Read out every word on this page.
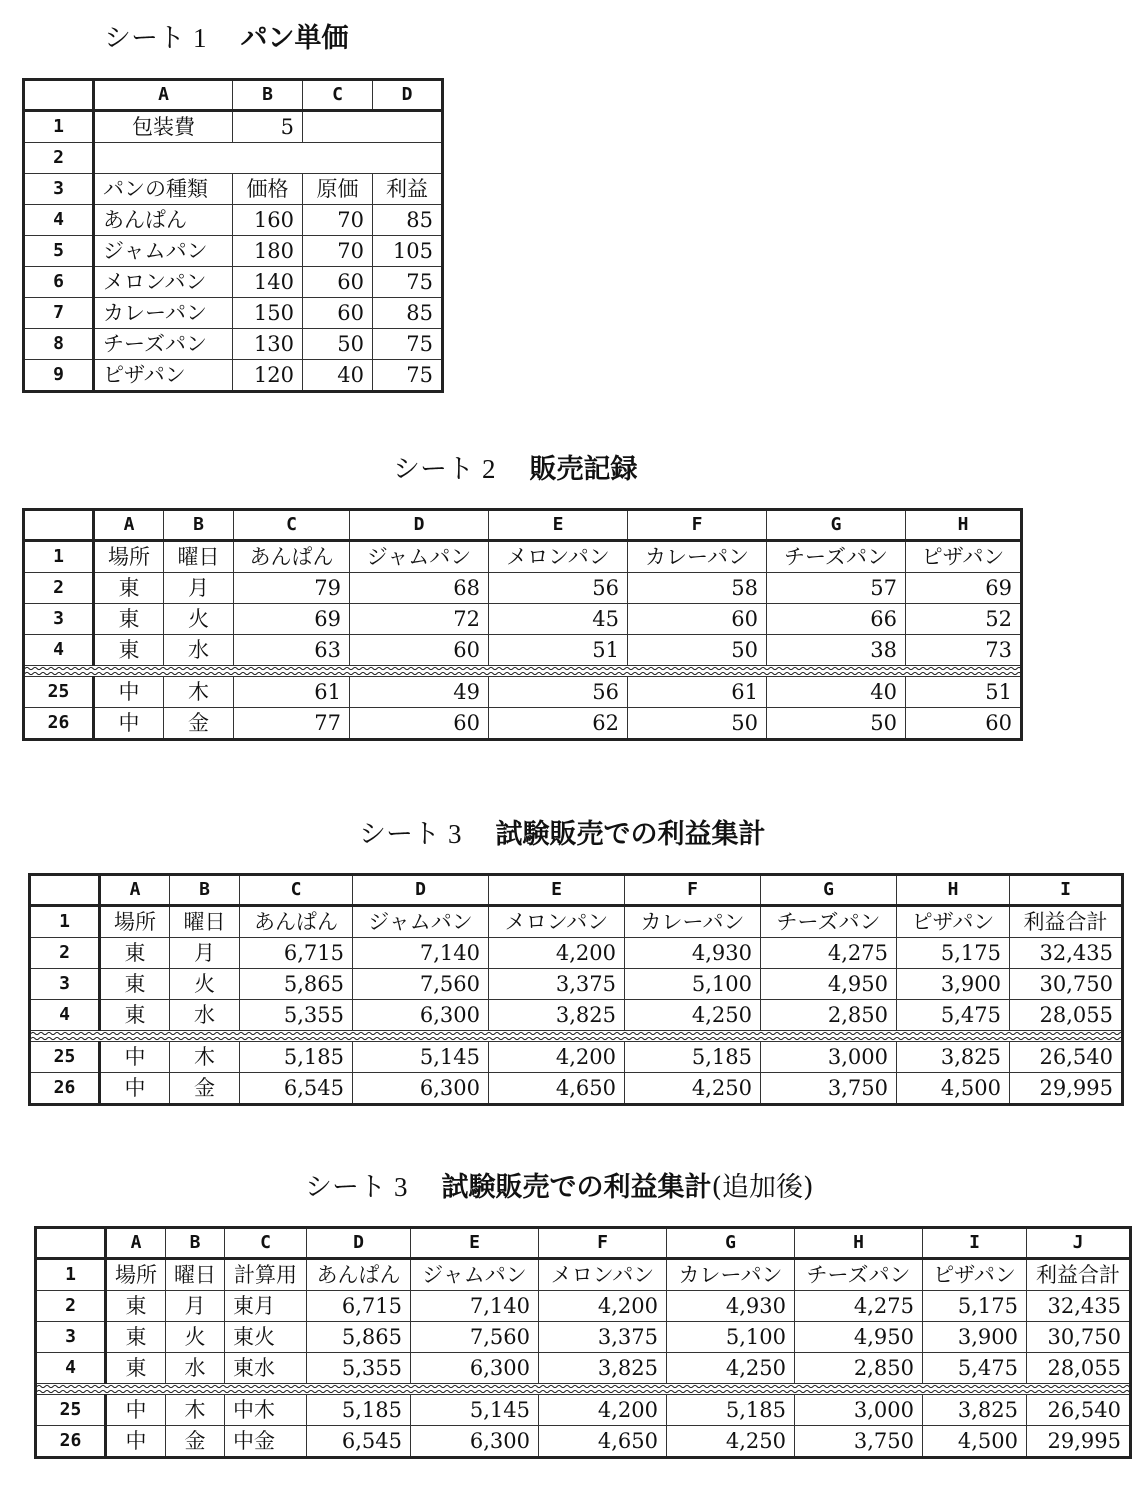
シート 1 パン単価
	A	B	C	D
1	包装費	5		
2				
3	パンの種類	価格	原価	利益
4	あんぱん	160	70	85
5	ジャムパン	180	70	105
6	メロンパン	140	60	75
7	カレーパン	150	60	85
8	チーズパン	130	50	75
9	ピザパン	120	40	75
シート 2 販売記録
	A	B	C	D	E	F	G	H
1	場所	曜日	あんぱん	ジャムパン	メロンパン	カレーパン	チーズパン	ピザパン
2	東	月	79	68	56	58	57	69
3	東	火	69	72	45	60	66	52
4	東	水	63	60	51	50	38	73

25	中	木	61	49	56	61	40	51
26	中	金	77	60	62	50	50	60
シート 3 試験販売での利益集計
	A	B	C	D	E	F	G	H	I
1	場所	曜日	あんぱん	ジャムパン	メロンパン	カレーパン	チーズパン	ピザパン	利益合計
2	東	月	6,715	7,140	4,200	4,930	4,275	5,175	32,435
3	東	火	5,865	7,560	3,375	5,100	4,950	3,900	30,750
4	東	水	5,355	6,300	3,825	4,250	2,850	5,475	28,055

25	中	木	5,185	5,145	4,200	5,185	3,000	3,825	26,540
26	中	金	6,545	6,300	4,650	4,250	3,750	4,500	29,995
シート 3 試験販売での利益集計(追加後)
	A	B	C	D	E	F	G	H	I	J
1	場所	曜日	計算用	あんぱん	ジャムパン	メロンパン	カレーパン	チーズパン	ピザパン	利益合計
2	東	月	東月	6,715	7,140	4,200	4,930	4,275	5,175	32,435
3	東	火	東火	5,865	7,560	3,375	5,100	4,950	3,900	30,750
4	東	水	東水	5,355	6,300	3,825	4,250	2,850	5,475	28,055

25	中	木	中木	5,185	5,145	4,200	5,185	3,000	3,825	26,540
26	中	金	中金	6,545	6,300	4,650	4,250	3,750	4,500	29,995
